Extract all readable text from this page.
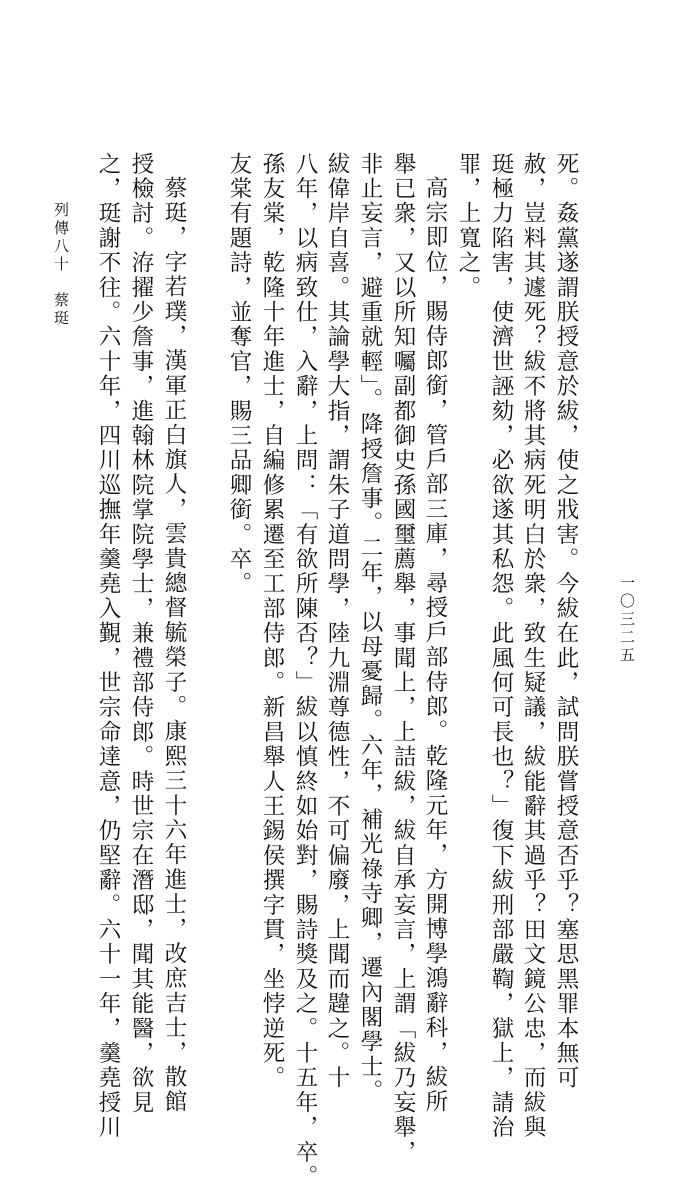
一〇三二五

死。姦黨遂謂朕授意於紱，使之戕害。今紱在此，試問朕嘗授意否乎？塞思黑罪本無可

赦，豈料其遽死？紱不將其病死明白於衆，致生疑議，紱能辭其過乎？田文鏡公忠，而紱與

珽極力陷害，使濟世誣劾，必欲遂其私怨。此風何可長也？」復下紱刑部嚴鞫，獄上，請治

罪，上寬之。

高宗即位，賜侍郎銜，管戶部三庫，尋授戶部侍郎。乾隆元年，方開博學鴻辭科，紱所

舉已衆，又以所知囑副都御史孫國璽薦舉，事聞上，上詰紱，紱自承妄言，上謂「紱乃妄舉，

非止妄言，避重就輕」。降授詹事。二年，以母憂歸。六年，補光祿寺卿，遷內閣學士。

紱偉岸自喜。其論學大指，謂朱子道問學，陸九淵尊德性，不可偏廢，上聞而韙之。十

八年，以病致仕，入辭，上問：「有欲所陳否？」紱以慎終如始對，賜詩獎及之。十五年，卒。

孫友棠，乾隆十年進士，自編修累遷至工部侍郎。新昌舉人王錫侯撰字貫，坐悖逆死。

友棠有題詩，並奪官，賜三品卿銜。卒。

蔡珽，字若璞，漢軍正白旗人，雲貴總督毓榮子。康熙三十六年進士，改庶吉士，散館

授檢討。洊擢少詹事，進翰林院掌院學士，兼禮部侍郎。時世宗在潛邸，聞其能醫，欲見

之，珽謝不往。六十年，四川巡撫年羹堯入覲，世宗命達意，仍堅辭。六十一年，羹堯授川

列傳八十　蔡珽
